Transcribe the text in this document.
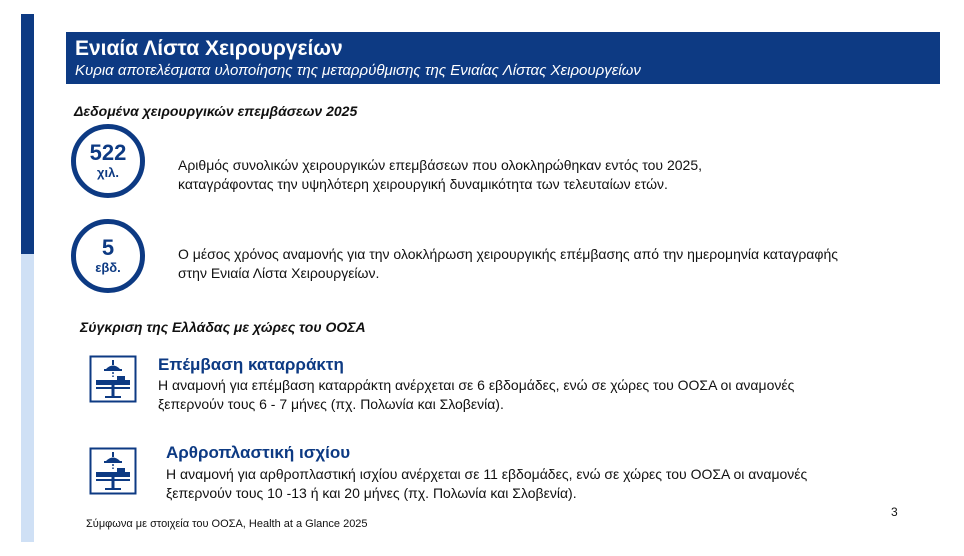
Ενιαία Λίστα Χειρουργείων
Κυρια αποτελέσματα υλοποίησης της μεταρρύθμισης της Ενιαίας Λίστας Χειρουργείων
Δεδομένα χειρουργικών επεμβάσεων 2025
522
χιλ.	Αριθμός συνολικών χειρουργικών επεμβάσεων που ολοκληρώθηκαν εντός του 2025,
καταγράφοντας την υψηλότερη χειρουργική δυναμικότητα των τελευταίων ετών.
5
εβδ.
Ο μέσος χρόνος αναμονής για την ολοκλήρωση χειρουργικής επέμβασης από την ημερομηνία καταγραφής
στην Ενιαία Λίστα Χειρουργείων.
Σύγκριση της Ελλάδας με χώρες του ΟΟΣΑ
Επέμβαση καταρράκτη
Η αναμονή για επέμβαση καταρράκτη ανέρχεται σε 6 εβδομάδες, ενώ σε χώρες του ΟΟΣΑ οι αναμονές
ξεπερνούν τους 6 - 7 μήνες (πχ. Πολωνία και Σλοβενία).
Αρθροπλαστική ισχίου
Η αναμονή για αρθροπλαστική ισχίου ανέρχεται σε 11 εβδομάδες, ενώ σε χώρες του ΟΟΣΑ οι αναμονές
ξεπερνούν τους 10 -13 ή και 20 μήνες (πχ. Πολωνία και Σλοβενία).
Σύμφωνα με στοιχεία του ΟΟΣΑ, Health at a Glance 2025
3
